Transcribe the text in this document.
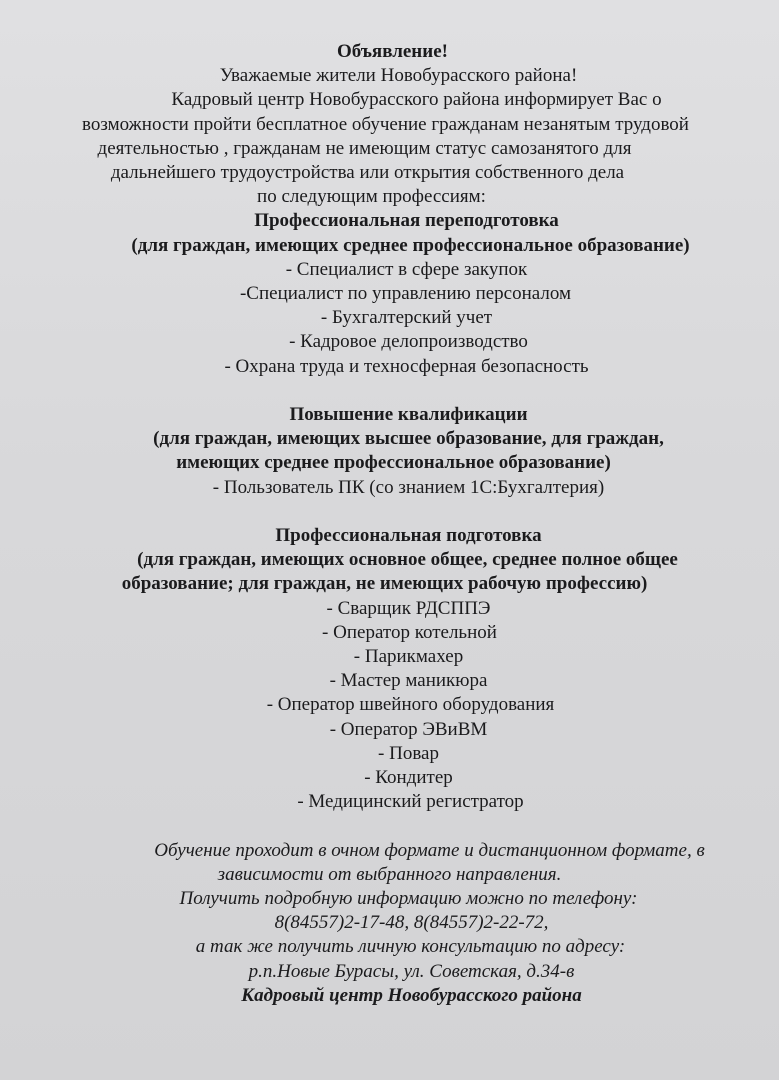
Объявление!
Уважаемые жители Новобурасского района!
Кадровый центр Новобурасского района информирует Вас о
возможности пройти бесплатное обучение гражданам незанятым трудовой
деятельностью , гражданам не имеющим статус самозанятого для
дальнейшего трудоустройства или открытия собственного дела
по следующим профессиям:
Профессиональная переподготовка
(для граждан, имеющих среднее профессиональное образование)
- Специалист в сфере закупок
-Специалист по управлению персоналом
- Бухгалтерский учет
- Кадровое делопроизводство
- Охрана труда и техносферная безопасность
Повышение квалификации
(для граждан, имеющих высшее образование, для граждан,
имеющих среднее профессиональное образование)
- Пользователь ПК (со знанием 1С:Бухгалтерия)
Профессиональная подготовка
(для граждан, имеющих основное общее, среднее полное общее
образование; для граждан, не имеющих рабочую профессию)
- Сварщик РДСППЭ
- Оператор котельной
- Парикмахер
- Мастер маникюра
- Оператор швейного оборудования
- Оператор ЭВиВМ
- Повар
- Кондитер
- Медицинский регистратор
Обучение проходит в очном формате и дистанционном формате, в
зависимости от выбранного направления.
Получить подробную информацию можно по телефону:
8(84557)2-17-48, 8(84557)2-22-72,
а так же получить личную консультацию по адресу:
р.п.Новые Бурасы, ул. Советская, д.34-в
Кадровый центр Новобурасского района
